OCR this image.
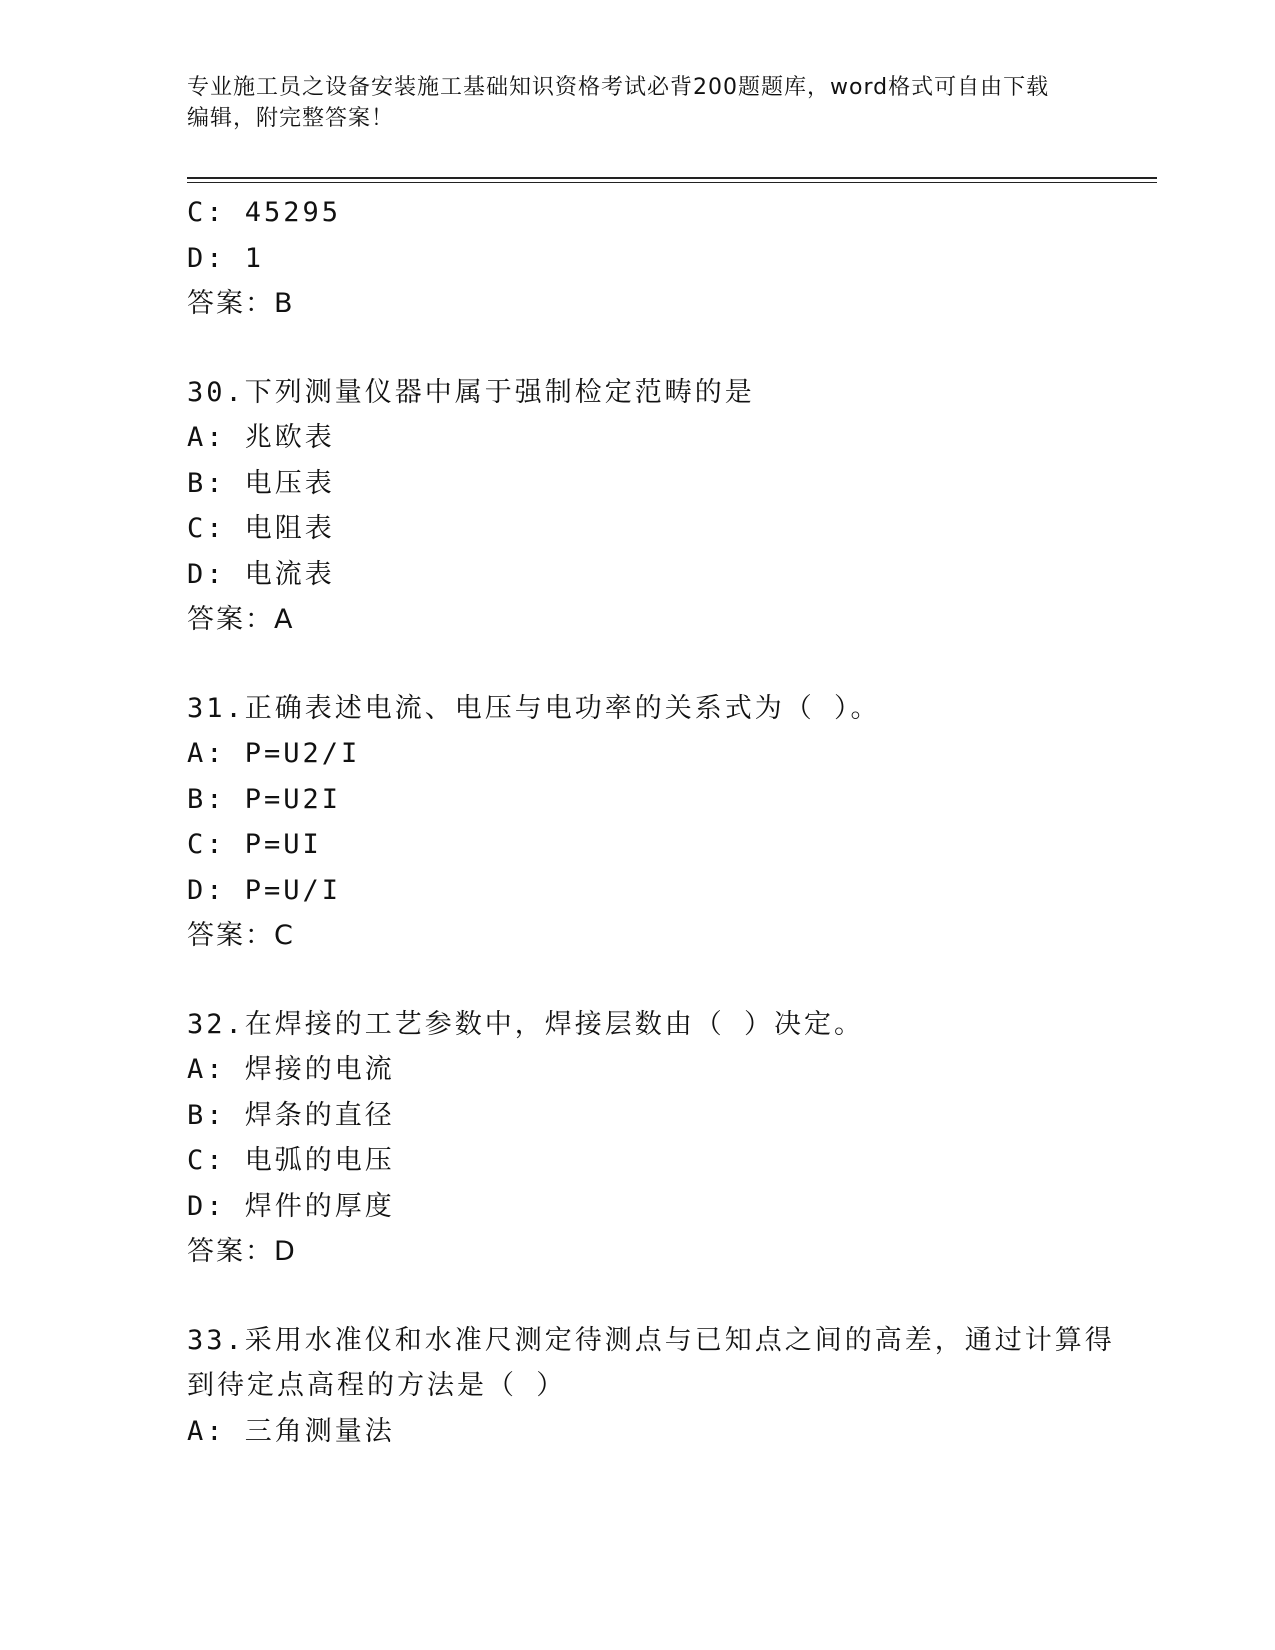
专业施工员之设备安装施工基础知识资格考试必背200题题库，word格式可自由下载编辑，附完整答案！
C: 45295
D: 1
答案：B
30.下列测量仪器中属于强制检定范畴的是
A: 兆欧表
B: 电压表
C: 电阻表
D: 电流表
答案：A
31.正确表述电流、电压与电功率的关系式为（ ）。
A: P=U2/I
B: P=U2I
C: P=UI
D: P=U/I
答案：C
32.在焊接的工艺参数中，焊接层数由（ ）决定。
A: 焊接的电流
B: 焊条的直径
C: 电弧的电压
D: 焊件的厚度
答案：D
33.采用水准仪和水准尺测定待测点与已知点之间的高差，通过计算得到待定点高程的方法是（ ）
A: 三角测量法
